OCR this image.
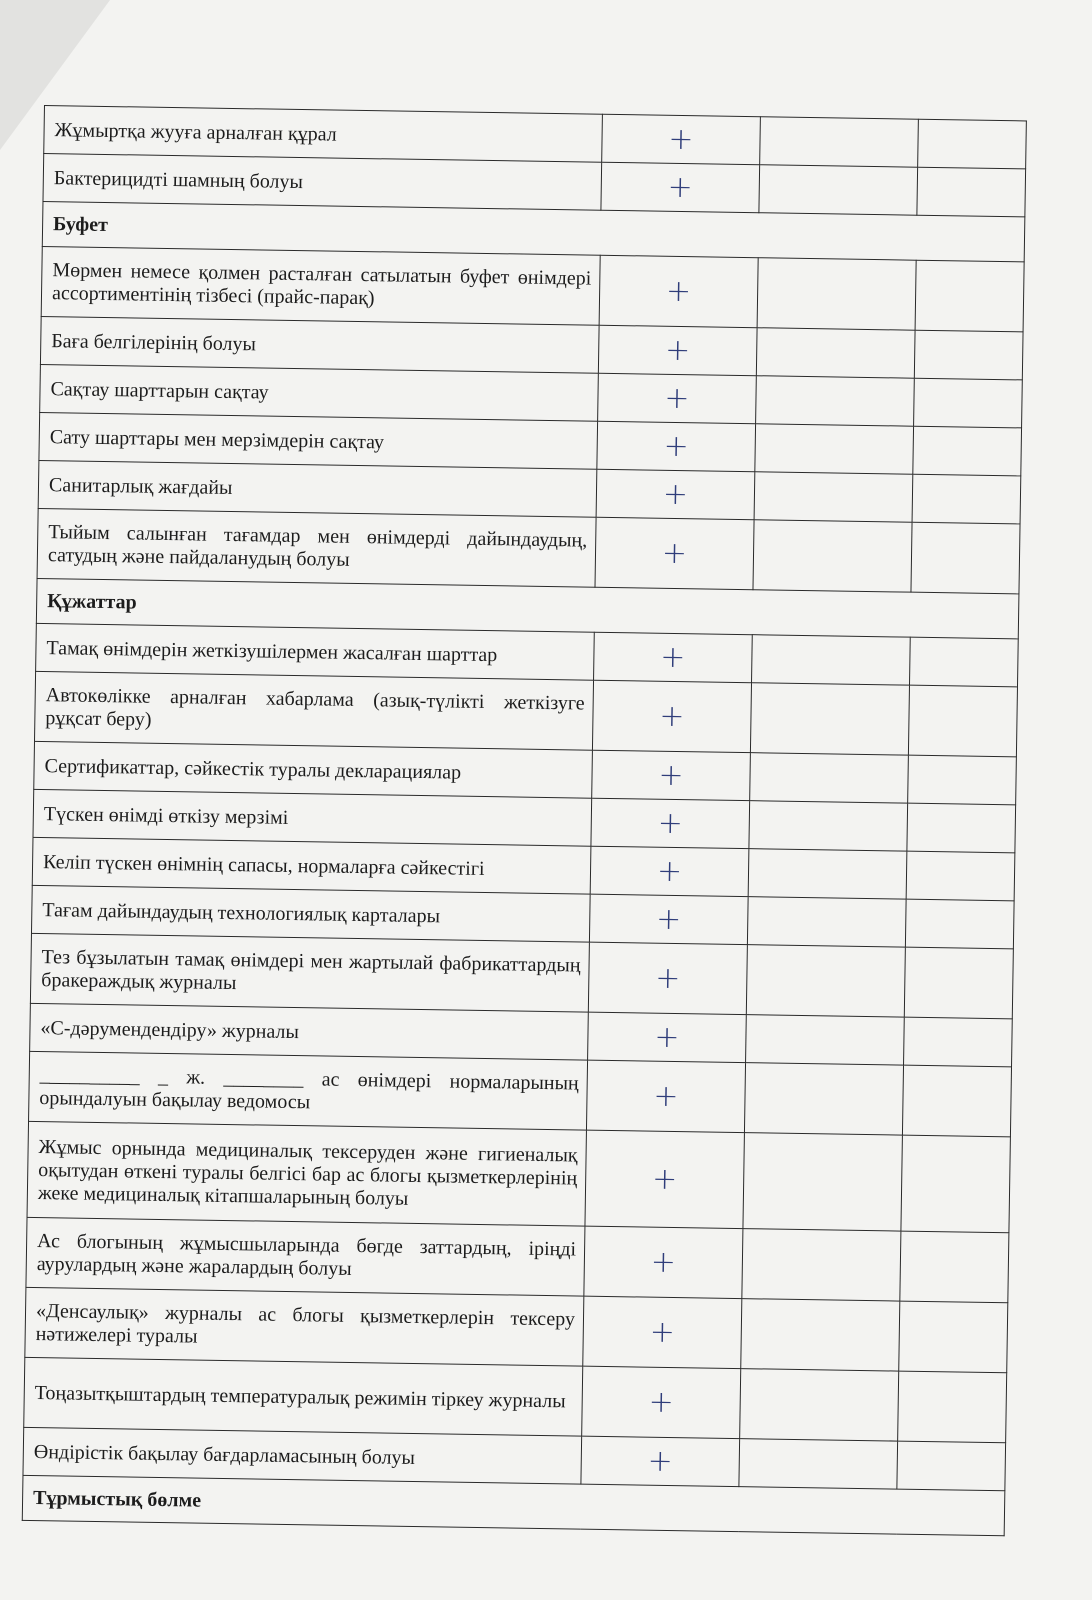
Жұмыртқа жууға арналған құрал	+		
Бактерицидті шамның болуы	+		
Буфет			
Мөрмен немесе қолмен расталған сатылатын буфет өнімдері ассортиментінің тізбесі (прайс-парақ)	+		
Баға белгілерінің болуы	+		
Сақтау шарттарын сақтау	+		
Сату шарттары мен мерзімдерін сақтау	+		
Санитарлық жағдайы	+		
Тыйым салынған тағамдар мен өнімдерді дайындаудың, сатудың және пайдаланудың болуы	+		
Құжаттар			
Тамақ өнімдерін жеткізушілермен жасалған шарттар	+		
Автокөлікке арналған хабарлама (азық-түлікті жеткізуге рұқсат беру)	+		
Сертификаттар, сәйкестік туралы декларациялар	+		
Түскен өнімді өткізу мерзімі	+		
Келіп түскен өнімнің сапасы, нормаларға сәйкестігі	+		
Тағам дайындаудың технологиялық карталары	+		
Тез бұзылатын тамақ өнімдері мен жартылай фабрикаттардың бракераждық журналы	+		
«С-дәрумендендіру» журналы	+		
__________ _ ж. ________ ас өнімдері нормаларының орындалуын бақылау ведомосы	+		
Жұмыс орнында медициналық тексеруден және гигиеналық оқытудан өткені туралы белгісі бар ас блогы қызметкерлерінің жеке медициналық кітапшаларының болуы	+		
Ас блогының жұмысшыларында бөгде заттардың, іріңді аурулардың және жаралардың болуы	+		
«Денсаулық» журналы ас блогы қызметкерлерін тексеру нәтижелері туралы	+		
Тоңазытқыштардың температуралық режимін тіркеу журналы	+		
Өндірістік бақылау бағдарламасының болуы	+		
Тұрмыстық бөлме			
